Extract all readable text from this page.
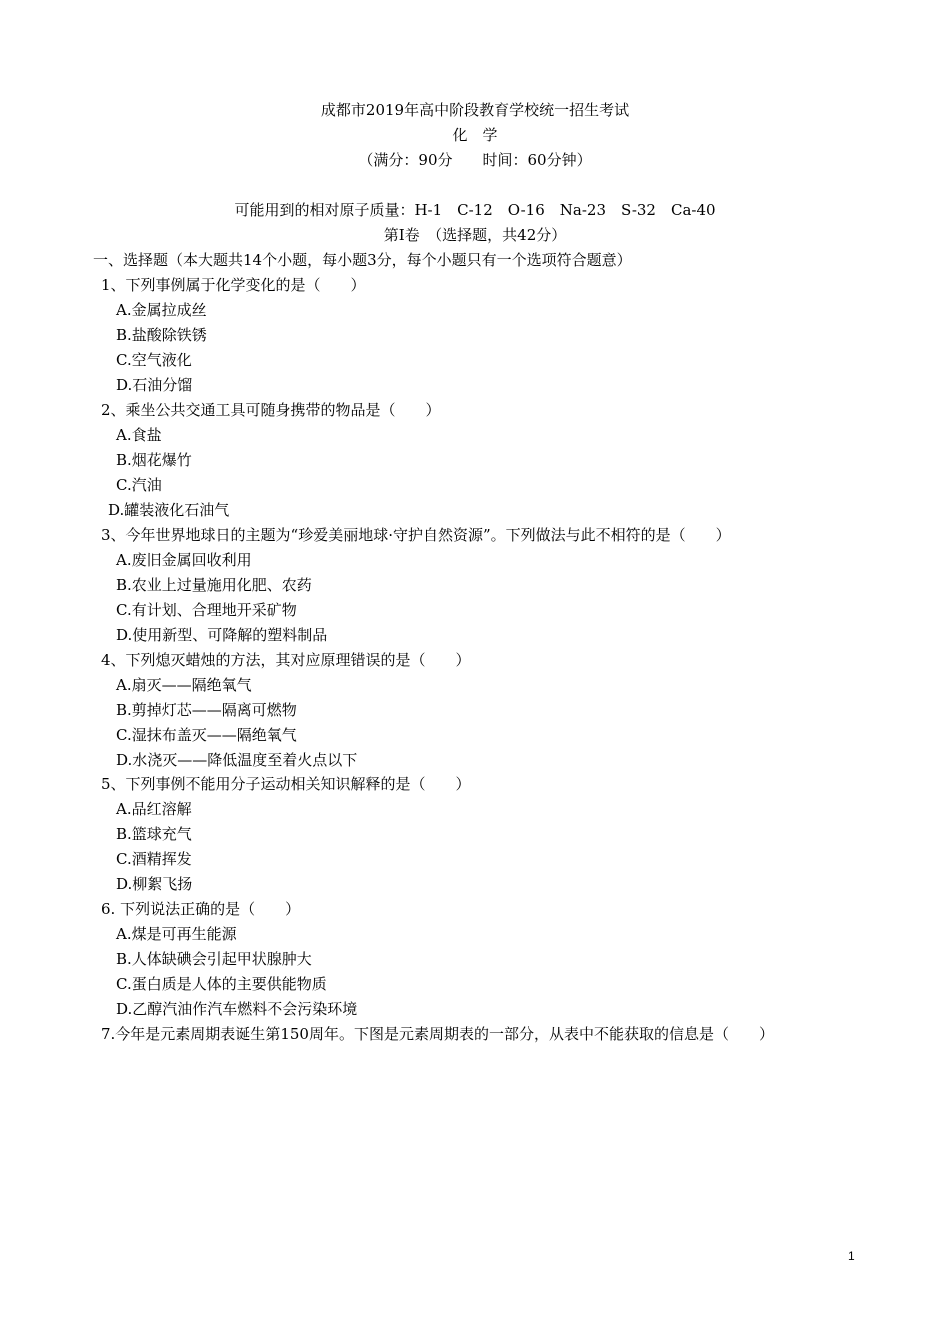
成都市2019年高中阶段教育学校统一招生考试
化　学
（满分：90分　　时间：60分钟）
可能用到的相对原子质量：H-1　C-12　O-16　Na-23　S-32　Ca-40
第Ⅰ卷　（选择题，共42分）
一、选择题（本大题共14个小题，每小题3分，每个小题只有一个选项符合题意）
1、下列事例属于化学变化的是（　　）
A.金属拉成丝
B.盐酸除铁锈
C.空气液化
D.石油分馏
2、乘坐公共交通工具可随身携带的物品是（　　）
A.食盐
B.烟花爆竹
C.汽油
D.罐装液化石油气
3、今年世界地球日的主题为“珍爱美丽地球·守护自然资源”。下列做法与此不相符的是（　　）
A.废旧金属回收利用
B.农业上过量施用化肥、农药
C.有计划、合理地开采矿物
D.使用新型、可降解的塑料制品
4、下列熄灭蜡烛的方法，其对应原理错误的是（　　）
A.扇灭——隔绝氧气
B.剪掉灯芯——隔离可燃物
C.湿抹布盖灭——隔绝氧气
D.水浇灭——降低温度至着火点以下
5、下列事例不能用分子运动相关知识解释的是（　　）
A.品红溶解
B.篮球充气
C.酒精挥发
D.柳絮飞扬
6. 下列说法正确的是（　　）
A.煤是可再生能源
B.人体缺碘会引起甲状腺肿大
C.蛋白质是人体的主要供能物质
D.乙醇汽油作汽车燃料不会污染环境
7.今年是元素周期表诞生第150周年。下图是元素周期表的一部分，从表中不能获取的信息是（　　）
1
